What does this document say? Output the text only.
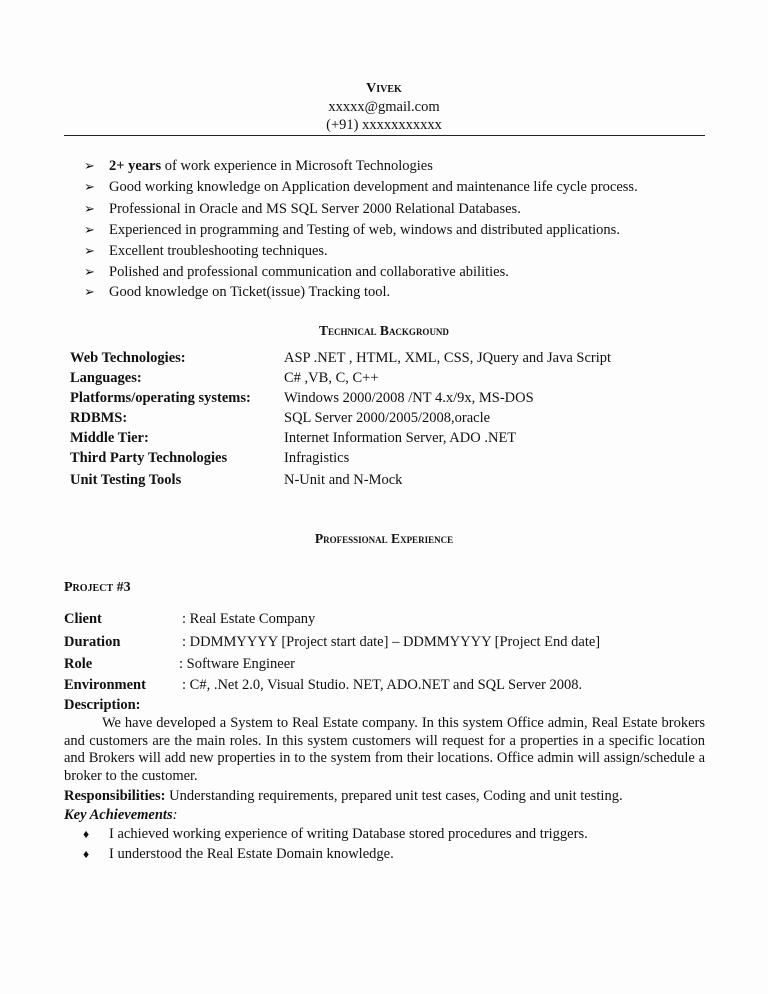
Vivek
xxxxx@gmail.com
(+91) xxxxxxxxxxx
➢ 2+ years of work experience in Microsoft Technologies
➢ Good working knowledge on Application development and maintenance life cycle process.
➢ Professional in Oracle and MS SQL Server 2000 Relational Databases.
➢ Experienced in programming and Testing of web, windows and distributed applications.
➢ Excellent troubleshooting techniques.
➢ Polished and professional communication and collaborative abilities.
➢ Good knowledge on Ticket(issue) Tracking tool.
Technical Background
Web Technologies:	ASP .NET , HTML, XML, CSS, JQuery and Java Script
Languages:	C# ,VB, C, C++
Platforms/operating systems: Windows 2000/2008 /NT 4.x/9x, MS-DOS
RDBMS:	SQL Server 2000/2005/2008,oracle
Middle Tier:	Internet Information Server, ADO .NET
Third Party Technologies	Infragistics
Unit Testing Tools	N-Unit and N-Mock
Professional Experience
Project #3
Client	: Real Estate Company
Duration	: DDMMYYYY [Project start date] – DDMMYYYY [Project End date]
Role	: Software Engineer
Environment : C#, .Net 2.0, Visual Studio. NET, ADO.NET and SQL Server 2008.
Description:
We have developed a System to Real Estate company. In this system Office admin, Real Estate brokers and customers are the main roles. In this system customers will request for a properties in a specific location and Brokers will add new properties in to the system from their locations. Office admin will assign/schedule a broker to the customer.
Responsibilities: Understanding requirements, prepared unit test cases, Coding and unit testing.
Key Achievements:
♦ I achieved working experience of writing Database stored procedures and triggers.
♦ I understood the Real Estate Domain knowledge.
